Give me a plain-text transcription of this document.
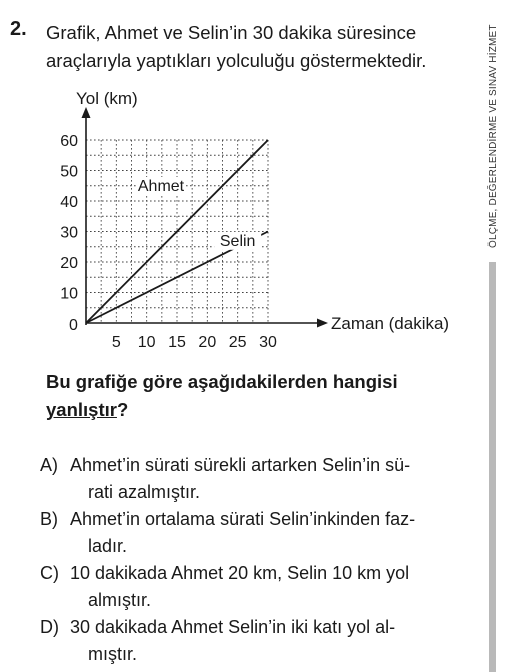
2. Grafik, Ahmet ve Selin’in 30 dakika süresince
araçlarıyla yaptıkları yolculuğu göstermektedir.	ÖLÇME, DEĞERLENDİRME VE SINAV HİZMET
Yol (km)
Zaman (dakika)
0
5 10 15 20 25 30
10
20
30
40
50
60
Ahmet
Selin
Bu grafiğe göre aşağıdakilerden hangisi
yanlıştır?
A) Ahmet’in sürati sürekli artarken Selin’in sü-
rati azalmıştır.
B) Ahmet’in ortalama sürati Selin’inkinden faz-
ladır.
C) 10 dakikada Ahmet 20 km, Selin 10 km yol
almıştır.
D) 30 dakikada Ahmet Selin’in iki katı yol al-
mıştır.
